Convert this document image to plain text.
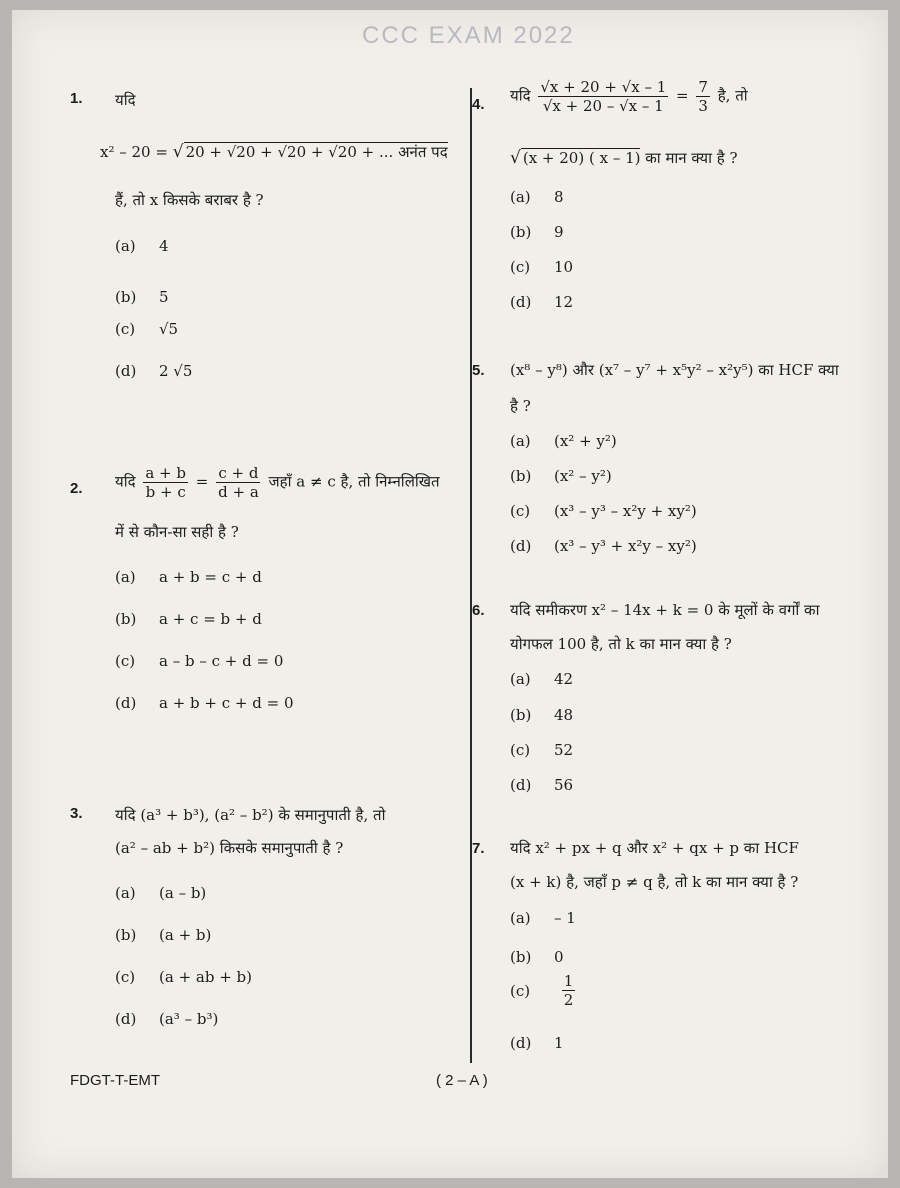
CCC EXAM 2022
1. यदि
x² – 20 = √ 20 + √20 + √20 + √20 + ... अनंत पद
हैं, तो x किसके बराबर है ?
(a) 4
(b) 5
(c) √5
(d) 2 √5
2. यदि $\frac{a + b}{b + c} = \frac{c + d}{d + a}$ जहाँ a ≠ c है, तो निम्नलिखित
में से कौन-सा सही है ?
(a) a + b = c + d
(b) a + c = b + d
(c) a – b – c + d = 0
(d) a + b + c + d = 0
3. यदि (a³ + b³), (a² – b²) के समानुपाती है, तो
(a² – ab + b²) किसके समानुपाती है ?
(a) (a – b)
(b) (a + b)
(c) (a + ab + b)
(d) (a³ – b³)
4. यदि $\frac{√x + 20 + √x - 1}{√x + 20 - √x - 1} = \frac{7}{3}$ है, तो
√ (x + 20) ( x – 1) का मान क्या है ?
(a) 8
(b) 9
(c) 10
(d) 12
5. (x⁸ – y⁸) और (x⁷ – y⁷ + x⁵y² – x²y⁵) का HCF क्या
है ?
(a) (x² + y²)
(b) (x² – y²)
(c) (x³ – y³ – x²y + xy²)
(d) (x³ – y³ + x²y – xy²)
6. यदि समीकरण x² – 14x + k = 0 के मूलों के वर्गों का
योगफल 100 है, तो k का मान क्या है ?
(a) 42
(b) 48
(c) 52
(d) 56
7. यदि x² + px + q और x² + qx + p का HCF
(x + k) है, जहाँ p ≠ q है, तो k का मान क्या है ?
(a) – 1
(b) 0
$(c) \frac{1}{2}$
(d) 1
FDGT-T-EMT	( 2 – A )
